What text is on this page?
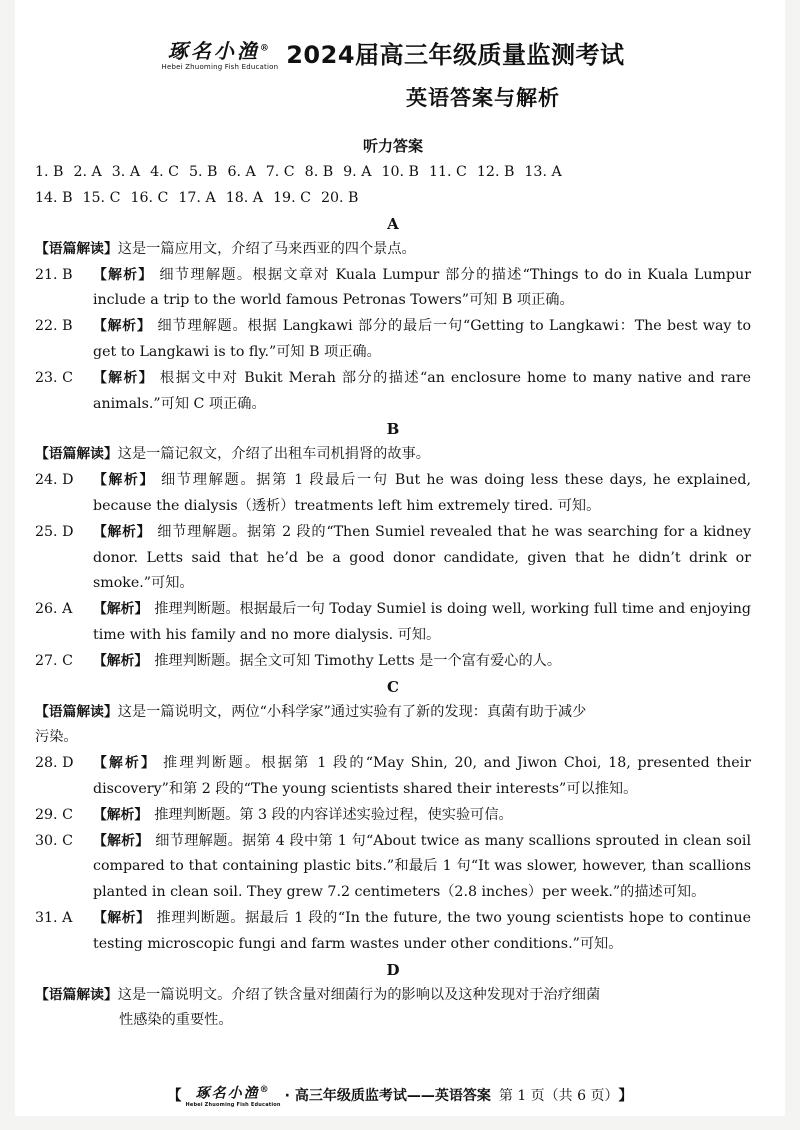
琢名小渔®
Hebei Zhuoming Fish Education 2024届高三年级质量监测考试
英语答案与解析
听力答案
1. B 2. A 3. A 4. C 5. B 6. A 7. C 8. B 9. A 10. B 11. C 12. B 13. A
14. B 15. C 16. C 17. A 18. A 19. C 20. B
A
【语篇解读】这是一篇应用文，介绍了马来西亚的四个景点。
21. B	【解析】 细节理解题。根据文章对 Kuala Lumpur 部分的描述“Things to do in Kuala Lumpur include a trip to the world famous Petronas Towers”可知 B 项正确。
22. B	【解析】 细节理解题。根据 Langkawi 部分的最后一句“Getting to Langkawi：The best way to get to Langkawi is to fly.”可知 B 项正确。
23. C	【解析】 根据文中对 Bukit Merah 部分的描述“an enclosure home to many native and rare animals.”可知 C 项正确。
B
【语篇解读】这是一篇记叙文，介绍了出租车司机捐肾的故事。
24. D	【解析】 细节理解题。据第 1 段最后一句 But he was doing less these days, he explained, because the dialysis（透析）treatments left him extremely tired. 可知。
25. D	【解析】 细节理解题。据第 2 段的“Then Sumiel revealed that he was searching for a kidney donor. Letts said that he’d be a good donor candidate, given that he didn’t drink or smoke.”可知。
26. A	【解析】 推理判断题。根据最后一句 Today Sumiel is doing well, working full time and enjoying time with his family and no more dialysis. 可知。
27. C	【解析】 推理判断题。据全文可知 Timothy Letts 是一个富有爱心的人。
C
【语篇解读】这是一篇说明文，两位“小科学家”通过实验有了新的发现：真菌有助于减少
污染。
28. D	【解析】 推理判断题。根据第 1 段的“May Shin, 20, and Jiwon Choi, 18, presented their discovery”和第 2 段的“The young scientists shared their interests”可以推知。
29. C	【解析】 推理判断题。第 3 段的内容详述实验过程，使实验可信。
30. C	【解析】 细节理解题。据第 4 段中第 1 句“About twice as many scallions sprouted in clean soil compared to that containing plastic bits.”和最后 1 句“It was slower, however, than scallions planted in clean soil. They grew 7.2 centimeters（2.8 inches）per week.”的描述可知。
31. A	【解析】 推理判断题。据最后 1 段的“In the future, the two young scientists hope to continue testing microscopic fungi and farm wastes under other conditions.”可知。
D
【语篇解读】这是一篇说明文。介绍了铁含量对细菌行为的影响以及这种发现对于治疗细菌
性感染的重要性。
【 琢名小渔®
Hebei Zhuoming Fish Education
· 高三年级质监考试——英语答案 第 1 页（共 6 页） 】
